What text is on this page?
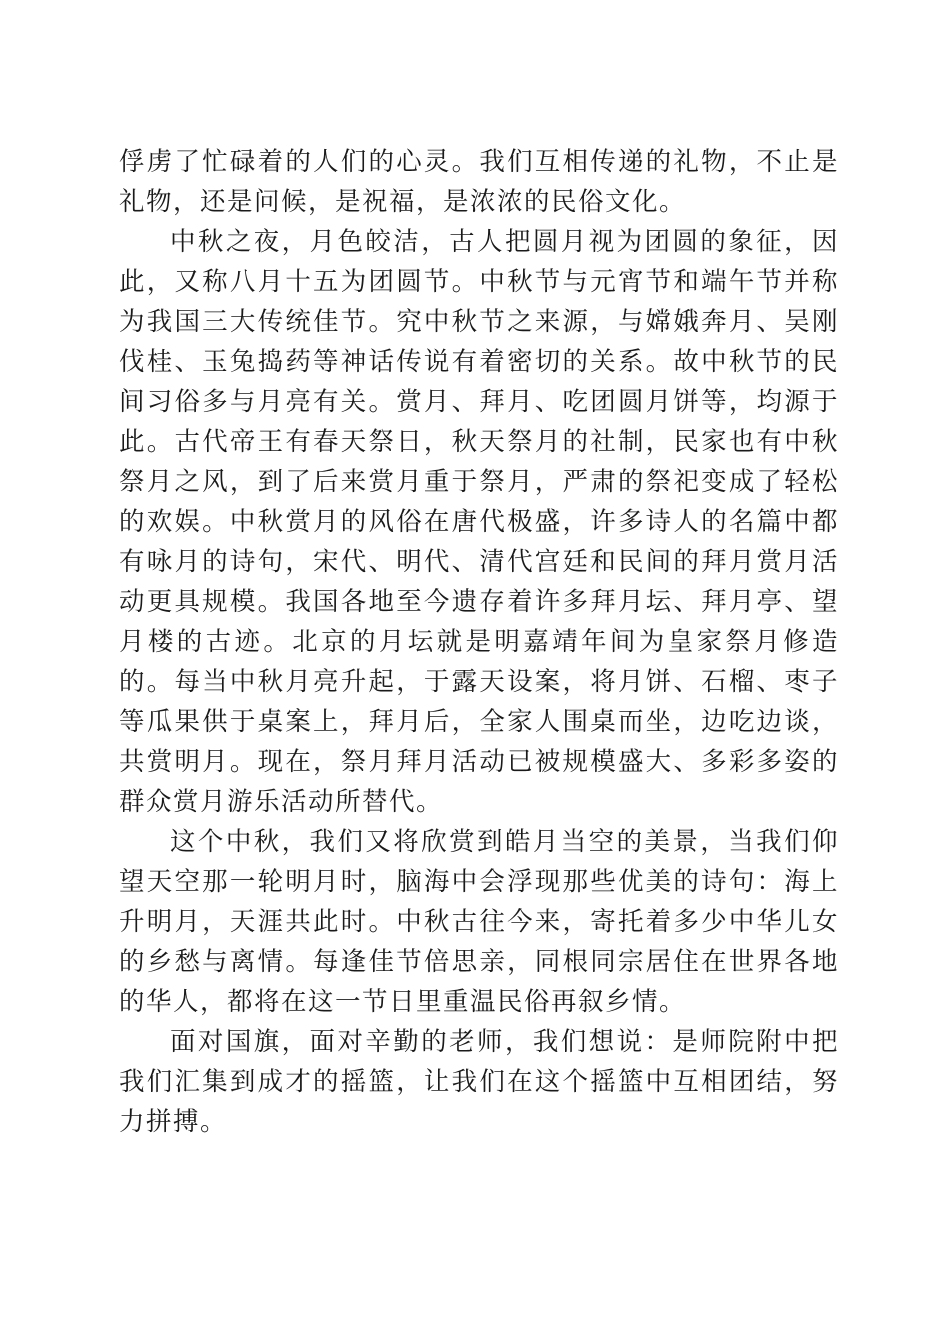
俘虏了忙碌着的人们的心灵。我们互相传递的礼物，不止是礼物，还是问候，是祝福，是浓浓的民俗文化。

中秋之夜，月色皎洁，古人把圆月视为团圆的象征，因此，又称八月十五为团圆节。中秋节与元宵节和端午节并称为我国三大传统佳节。究中秋节之来源，与嫦娥奔月、吴刚伐桂、玉兔捣药等神话传说有着密切的关系。故中秋节的民间习俗多与月亮有关。赏月、拜月、吃团圆月饼等，均源于此。古代帝王有春天祭日，秋天祭月的社制，民家也有中秋祭月之风，到了后来赏月重于祭月，严肃的祭祀变成了轻松的欢娱。中秋赏月的风俗在唐代极盛，许多诗人的名篇中都有咏月的诗句，宋代、明代、清代宫廷和民间的拜月赏月活动更具规模。我国各地至今遗存着许多拜月坛、拜月亭、望月楼的古迹。北京的月坛就是明嘉靖年间为皇家祭月修造的。每当中秋月亮升起，于露天设案，将月饼、石榴、枣子等瓜果供于桌案上，拜月后，全家人围桌而坐，边吃边谈，共赏明月。现在，祭月拜月活动已被规模盛大、多彩多姿的群众赏月游乐活动所替代。

这个中秋，我们又将欣赏到皓月当空的美景，当我们仰望天空那一轮明月时，脑海中会浮现那些优美的诗句：海上升明月，天涯共此时。中秋古往今来，寄托着多少中华儿女的乡愁与离情。每逢佳节倍思亲，同根同宗居住在世界各地的华人，都将在这一节日里重温民俗再叙乡情。

面对国旗，面对辛勤的老师，我们想说：是师院附中把我们汇集到成才的摇篮，让我们在这个摇篮中互相团结，努力拼搏。
